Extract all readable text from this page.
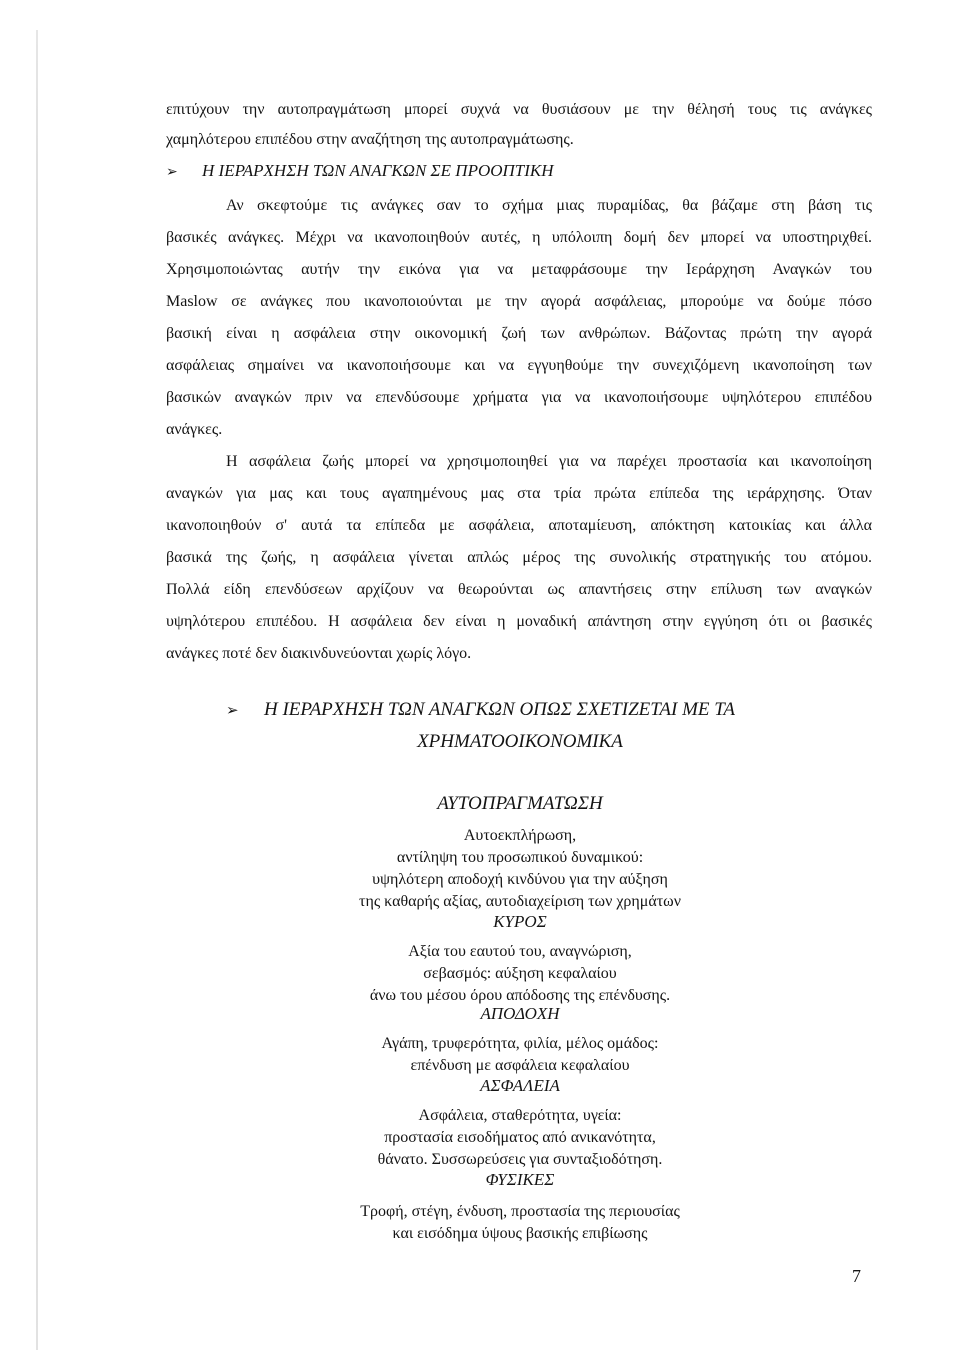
επιτύχουν την αυτοπραγμάτωση μπορεί συχνά να θυσιάσουν με την θέλησή τους τις ανάγκες
χαμηλότερου επιπέδου στην αναζήτηση της αυτοπραγμάτωσης.
➢ Η ΙΕΡΑΡΧΗΣΗ ΤΩΝ ΑΝΑΓΚΩΝ ΣΕ ΠΡΟΟΠΤΙΚΗ
Αν σκεφτούμε τις ανάγκες σαν το σχήμα μιας πυραμίδας, θα βάζαμε στη βάση τις
βασικές ανάγκες. Μέχρι να ικανοποιηθούν αυτές, η υπόλοιπη δομή δεν μπορεί να υποστηριχθεί.
Χρησιμοποιώντας αυτήν την εικόνα για να μεταφράσουμε την Ιεράρχηση Αναγκών του
Maslow σε ανάγκες που ικανοποιούνται με την αγορά ασφάλειας, μπορούμε να δούμε πόσο
βασική είναι η ασφάλεια στην οικονομική ζωή των ανθρώπων. Βάζοντας πρώτη την αγορά
ασφάλειας σημαίνει να ικανοποιήσουμε και να εγγυηθούμε την συνεχιζόμενη ικανοποίηση των
βασικών αναγκών πριν να επενδύσουμε χρήματα για να ικανοποιήσουμε υψηλότερου επιπέδου
ανάγκες.
Η ασφάλεια ζωής μπορεί να χρησιμοποιηθεί για να παρέχει προστασία και ικανοποίηση
αναγκών για μας και τους αγαπημένους μας στα τρία πρώτα επίπεδα της ιεράρχησης. Όταν
ικανοποιηθούν σ' αυτά τα επίπεδα με ασφάλεια, αποταμίευση, απόκτηση κατοικίας και άλλα
βασικά της ζωής, η ασφάλεια γίνεται απλώς μέρος της συνολικής στρατηγικής του ατόμου.
Πολλά είδη επενδύσεων αρχίζουν να θεωρούνται ως απαντήσεις στην επίλυση των αναγκών
υψηλότερου επιπέδου. Η ασφάλεια δεν είναι η μοναδική απάντηση στην εγγύηση ότι οι βασικές
ανάγκες ποτέ δεν διακινδυνεύονται χωρίς λόγο.
➢ Η ΙΕΡΑΡΧΗΣΗ ΤΩΝ ΑΝΑΓΚΩΝ ΟΠΩΣ ΣΧΕΤΙΖΕΤΑΙ ΜΕ ΤΑ
ΧΡΗΜΑΤΟΟΙΚΟΝΟΜΙΚΑ
ΑΥΤΟΠΡΑΓΜΑΤΩΣΗ
Αυτοεκπλήρωση,
αντίληψη του προσωπικού δυναμικού:
υψηλότερη αποδοχή κινδύνου για την αύξηση
της καθαρής αξίας, αυτοδιαχείριση των χρημάτων
ΚΥΡΟΣ
Αξία του εαυτού του, αναγνώριση,
σεβασμός: αύξηση κεφαλαίου
άνω του μέσου όρου απόδοσης της επένδυσης.
ΑΠΟΔΟΧΗ
Αγάπη, τρυφερότητα, φιλία, μέλος ομάδος:
επένδυση με ασφάλεια κεφαλαίου
ΑΣΦΑΛΕΙΑ
Ασφάλεια, σταθερότητα, υγεία:
προστασία εισοδήματος από ανικανότητα,
θάνατο. Συσσωρεύσεις για συνταξιοδότηση.
ΦΥΣΙΚΕΣ
Τροφή, στέγη, ένδυση, προστασία της περιουσίας
και εισόδημα ύψους βασικής επιβίωσης
7
